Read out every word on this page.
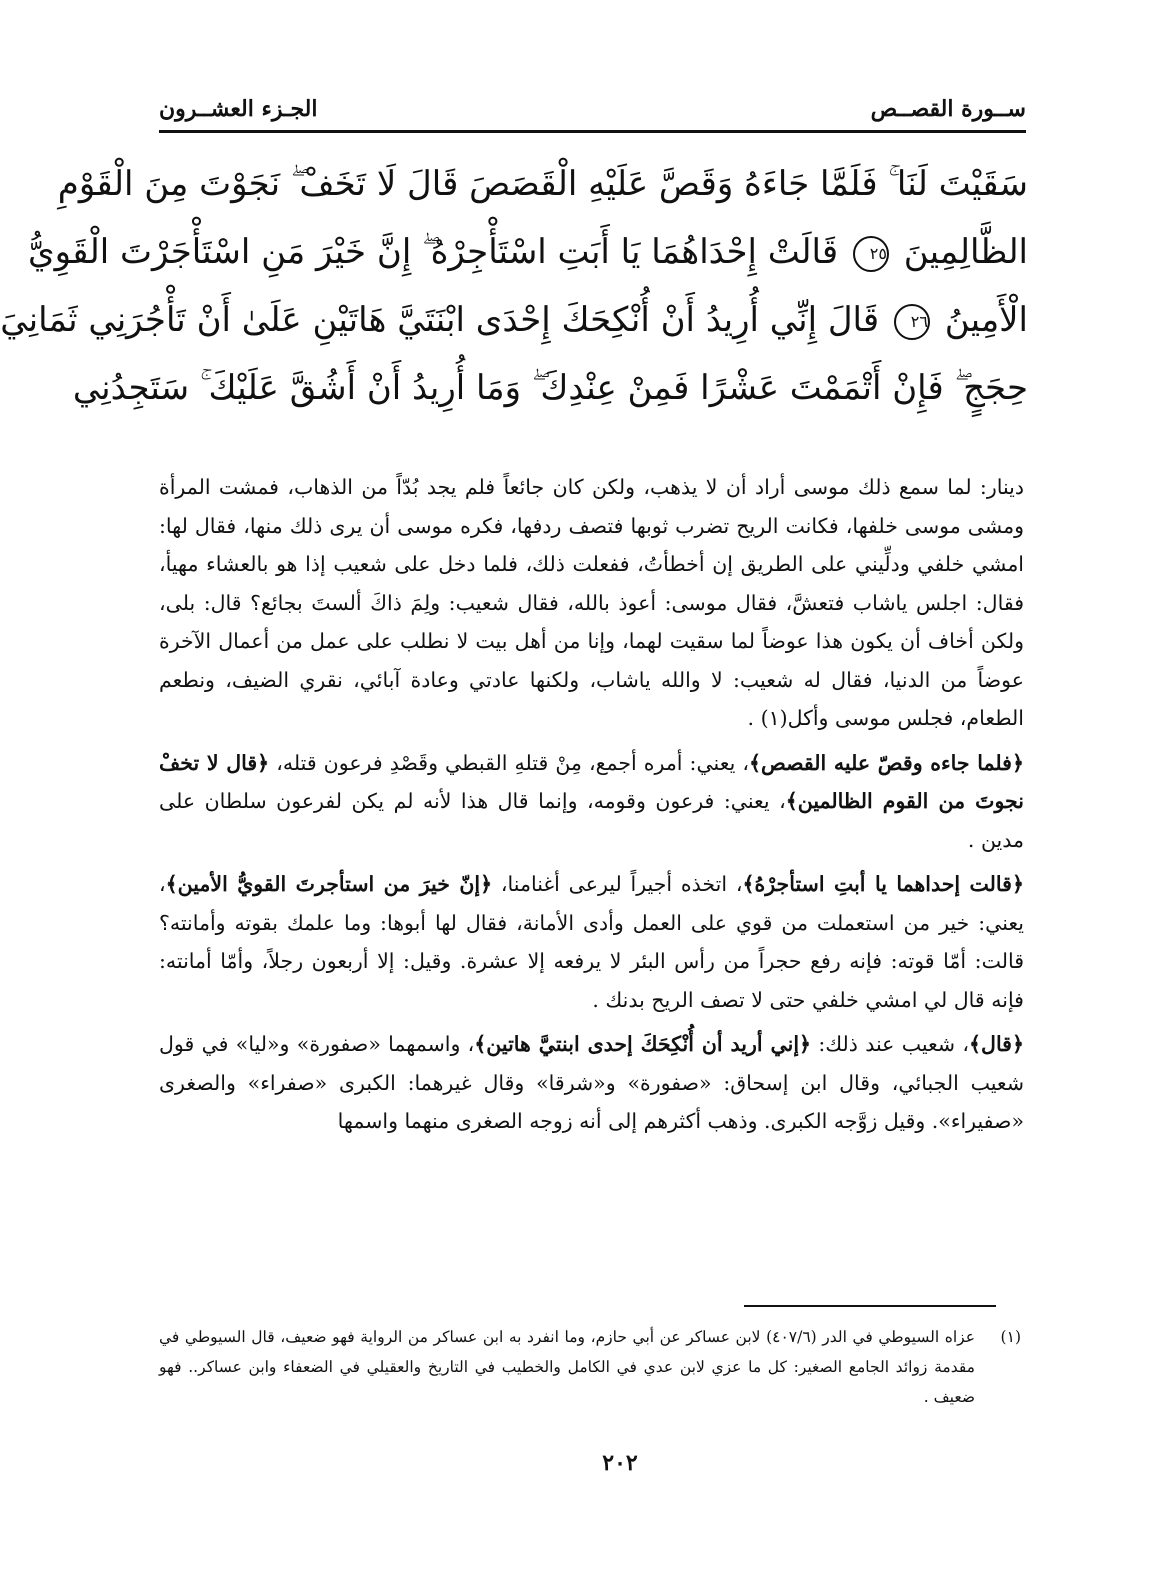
ســورة القصــص
الجـزء العشــرون
سَقَيْتَ لَنَا ۚ فَلَمَّا جَاءَهُ وَقَصَّ عَلَيْهِ الْقَصَصَ قَالَ لَا تَخَفْ ۖ نَجَوْتَ مِنَ الْقَوْمِ
الظَّالِمِينَ ٢٥ قَالَتْ إِحْدَاهُمَا يَا أَبَتِ اسْتَأْجِرْهُ ۖ إِنَّ خَيْرَ مَنِ اسْتَأْجَرْتَ الْقَوِيُّ
الْأَمِينُ ٢٦ قَالَ إِنِّي أُرِيدُ أَنْ أُنْكِحَكَ إِحْدَى ابْنَتَيَّ هَاتَيْنِ عَلَىٰ أَنْ تَأْجُرَنِي ثَمَانِيَ
حِجَجٍ ۖ فَإِنْ أَتْمَمْتَ عَشْرًا فَمِنْ عِنْدِكَ ۖ وَمَا أُرِيدُ أَنْ أَشُقَّ عَلَيْكَ ۚ سَتَجِدُنِي

دينار: لما سمع ذلك موسى أراد أن لا يذهب، ولكن كان جائعاً فلم يجد بُدّاً من الذهاب، فمشت المرأة ومشى موسى خلفها، فكانت الريح تضرب ثوبها فتصف ردفها، فكره موسى أن يرى ذلك منها، فقال لها: امشي خلفي ودلِّيني على الطريق إن أخطأتُ، ففعلت ذلك، فلما دخل على شعيب إذا هو بالعشاء مهيأ، فقال: اجلس ياشاب فتعشَّ، فقال موسى: أعوذ بالله، فقال شعيب: ولِمَ ذاكَ ألستَ بجائع؟ قال: بلى، ولكن أخاف أن يكون هذا عوضاً لما سقيت لهما، وإنا من أهل بيت لا نطلب على عمل من أعمال الآخرة عوضاً من الدنيا، فقال له شعيب: لا والله ياشاب، ولكنها عادتي وعادة آبائي، نقري الضيف، ونطعم الطعام، فجلس موسى وأكل(١) .

﴿فلما جاءه وقصّ عليه القصص﴾، يعني: أمره أجمع، مِنْ قتلهِ القبطي وقَصْدِ فرعون قتله، ﴿قال لا تخفْ نجوتَ من القوم الظالمين﴾، يعني: فرعون وقومه، وإنما قال هذا لأنه لم يكن لفرعون سلطان على مدين .

﴿قالت إحداهما يا أبتِ استأجرْهُ﴾، اتخذه أجيراً ليرعى أغنامنا، ﴿إنّ خيرَ من استأجرتَ القويُّ الأمين﴾، يعني: خير من استعملت من قوي على العمل وأدى الأمانة، فقال لها أبوها: وما علمك بقوته وأمانته؟ قالت: أمّا قوته: فإنه رفع حجراً من رأس البئر لا يرفعه إلا عشرة. وقيل: إلا أربعون رجلاً، وأمّا أمانته: فإنه قال لي امشي خلفي حتى لا تصف الريح بدنك .

﴿قال﴾، شعيب عند ذلك: ﴿إني أريد أن أُنْكِحَكَ إحدى ابنتيَّ هاتين﴾، واسمهما «صفورة» و«ليا» في قول شعيب الجبائي، وقال ابن إسحاق: «صفورة» و«شرقا» وقال غيرهما: الكبرى «صفراء» والصغرى «صفيراء». وقيل زوَّجه الكبرى. وذهب أكثرهم إلى أنه زوجه الصغرى منهما واسمها

(١)
عزاه السيوطي في الدر (٤٠٧/٦) لابن عساكر عن أبي حازم، وما انفرد به ابن عساكر من الرواية فهو ضعيف، قال السيوطي في مقدمة زوائد الجامع الصغير: كل ما عزي لابن عدي في الكامل والخطيب في التاريخ والعقيلي في الضعفاء وابن عساكر.. فهو ضعيف .
٢٠٢
